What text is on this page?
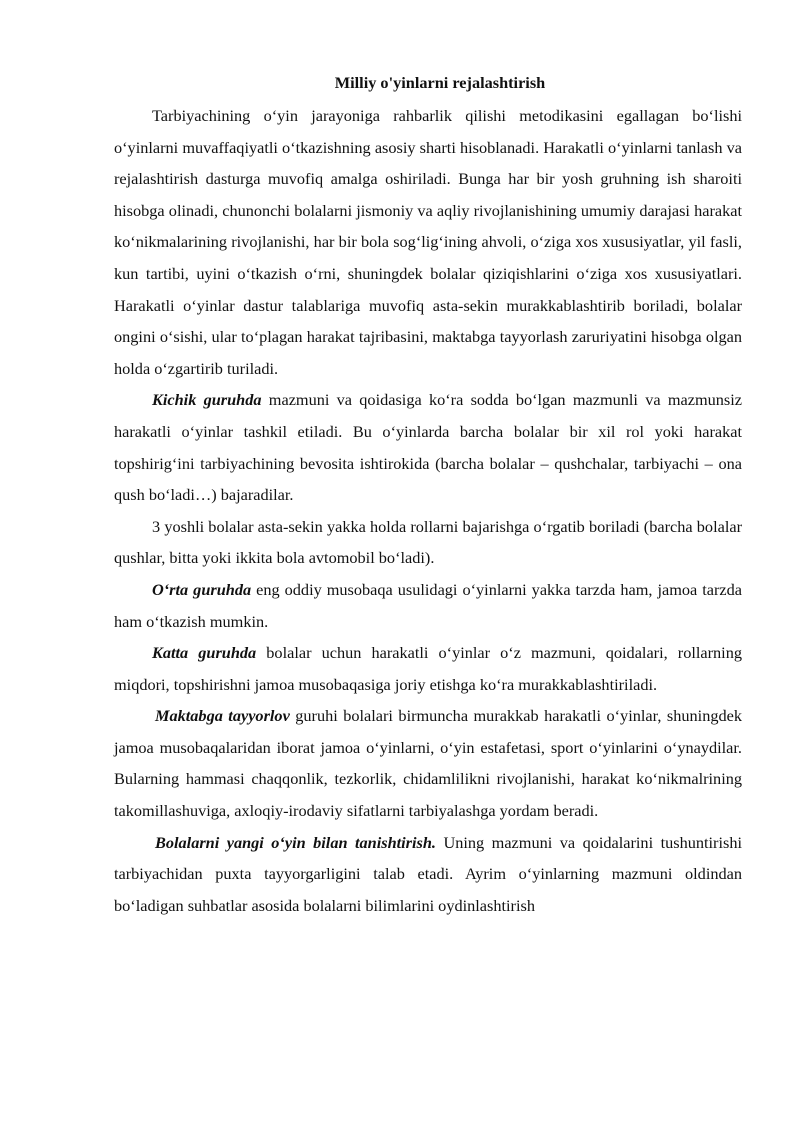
Milliy o'yinlarni rejalashtirish

Tarbiyachining o‘yin jarayoniga rahbarlik qilishi metodikasini egallagan bo‘lishi o‘yinlarni muvaffaqiyatli o‘tkazishning asosiy sharti hisoblanadi. Harakatli o‘yinlarni tanlash va rejalashtirish dasturga muvofiq amalga oshiriladi. Bunga har bir yosh gruhning ish sharoiti hisobga olinadi, chunonchi bolalarni jismoniy va aqliy rivojlanishining umumiy darajasi harakat ko‘nikmalarining rivojlanishi, har bir bola sog‘lig‘ining ahvoli, o‘ziga xos xususiyatlar, yil fasli, kun tartibi, uyini o‘tkazish o‘rni, shuningdek bolalar qiziqishlarini o‘ziga xos xususiyatlari. Harakatli o‘yinlar dastur talablariga muvofiq asta-sekin murakkablashtirib boriladi, bolalar ongini o‘sishi, ular to‘plagan harakat tajribasini, maktabga tayyorlash zaruriyatini hisobga olgan holda o‘zgartirib turiladi.

Kichik guruhda mazmuni va qoidasiga ko‘ra sodda bo‘lgan mazmunli va mazmunsiz harakatli o‘yinlar tashkil etiladi. Bu o‘yinlarda barcha bolalar bir xil rol yoki harakat topshirig‘ini tarbiyachining bevosita ishtirokida (barcha bolalar – qushchalar, tarbiyachi – ona qush bo‘ladi…) bajaradilar.

3 yoshli bolalar asta-sekin yakka holda rollarni bajarishga o‘rgatib boriladi (barcha bolalar qushlar, bitta yoki ikkita bola avtomobil bo‘ladi).

O‘rta guruhda eng oddiy musobaqa usulidagi o‘yinlarni yakka tarzda ham, jamoa tarzda ham o‘tkazish mumkin.

Katta guruhda bolalar uchun harakatli o‘yinlar o‘z mazmuni, qoidalari, rollarning miqdori, topshirishni jamoa musobaqasiga joriy etishga ko‘ra murakkablashtiriladi.

Maktabga tayyorlov guruhi bolalari birmuncha murakkab harakatli o‘yinlar, shuningdek jamoa musobaqalaridan iborat jamoa o‘yinlarni, o‘yin estafetasi, sport o‘yinlarini o‘ynaydilar. Bularning hammasi chaqqonlik, tezkorlik, chidamlilikni rivojlanishi, harakat ko‘nikmalrining takomillashuviga, axloqiy-irodaviy sifatlarni tarbiyalashga yordam beradi.

Bolalarni yangi o‘yin bilan tanishtirish. Uning mazmuni va qoidalarini tushuntirishi tarbiyachidan puxta tayyorgarligini talab etadi. Ayrim o‘yinlarning mazmuni oldindan bo‘ladigan suhbatlar asosida bolalarni bilimlarini oydinlashtirish
